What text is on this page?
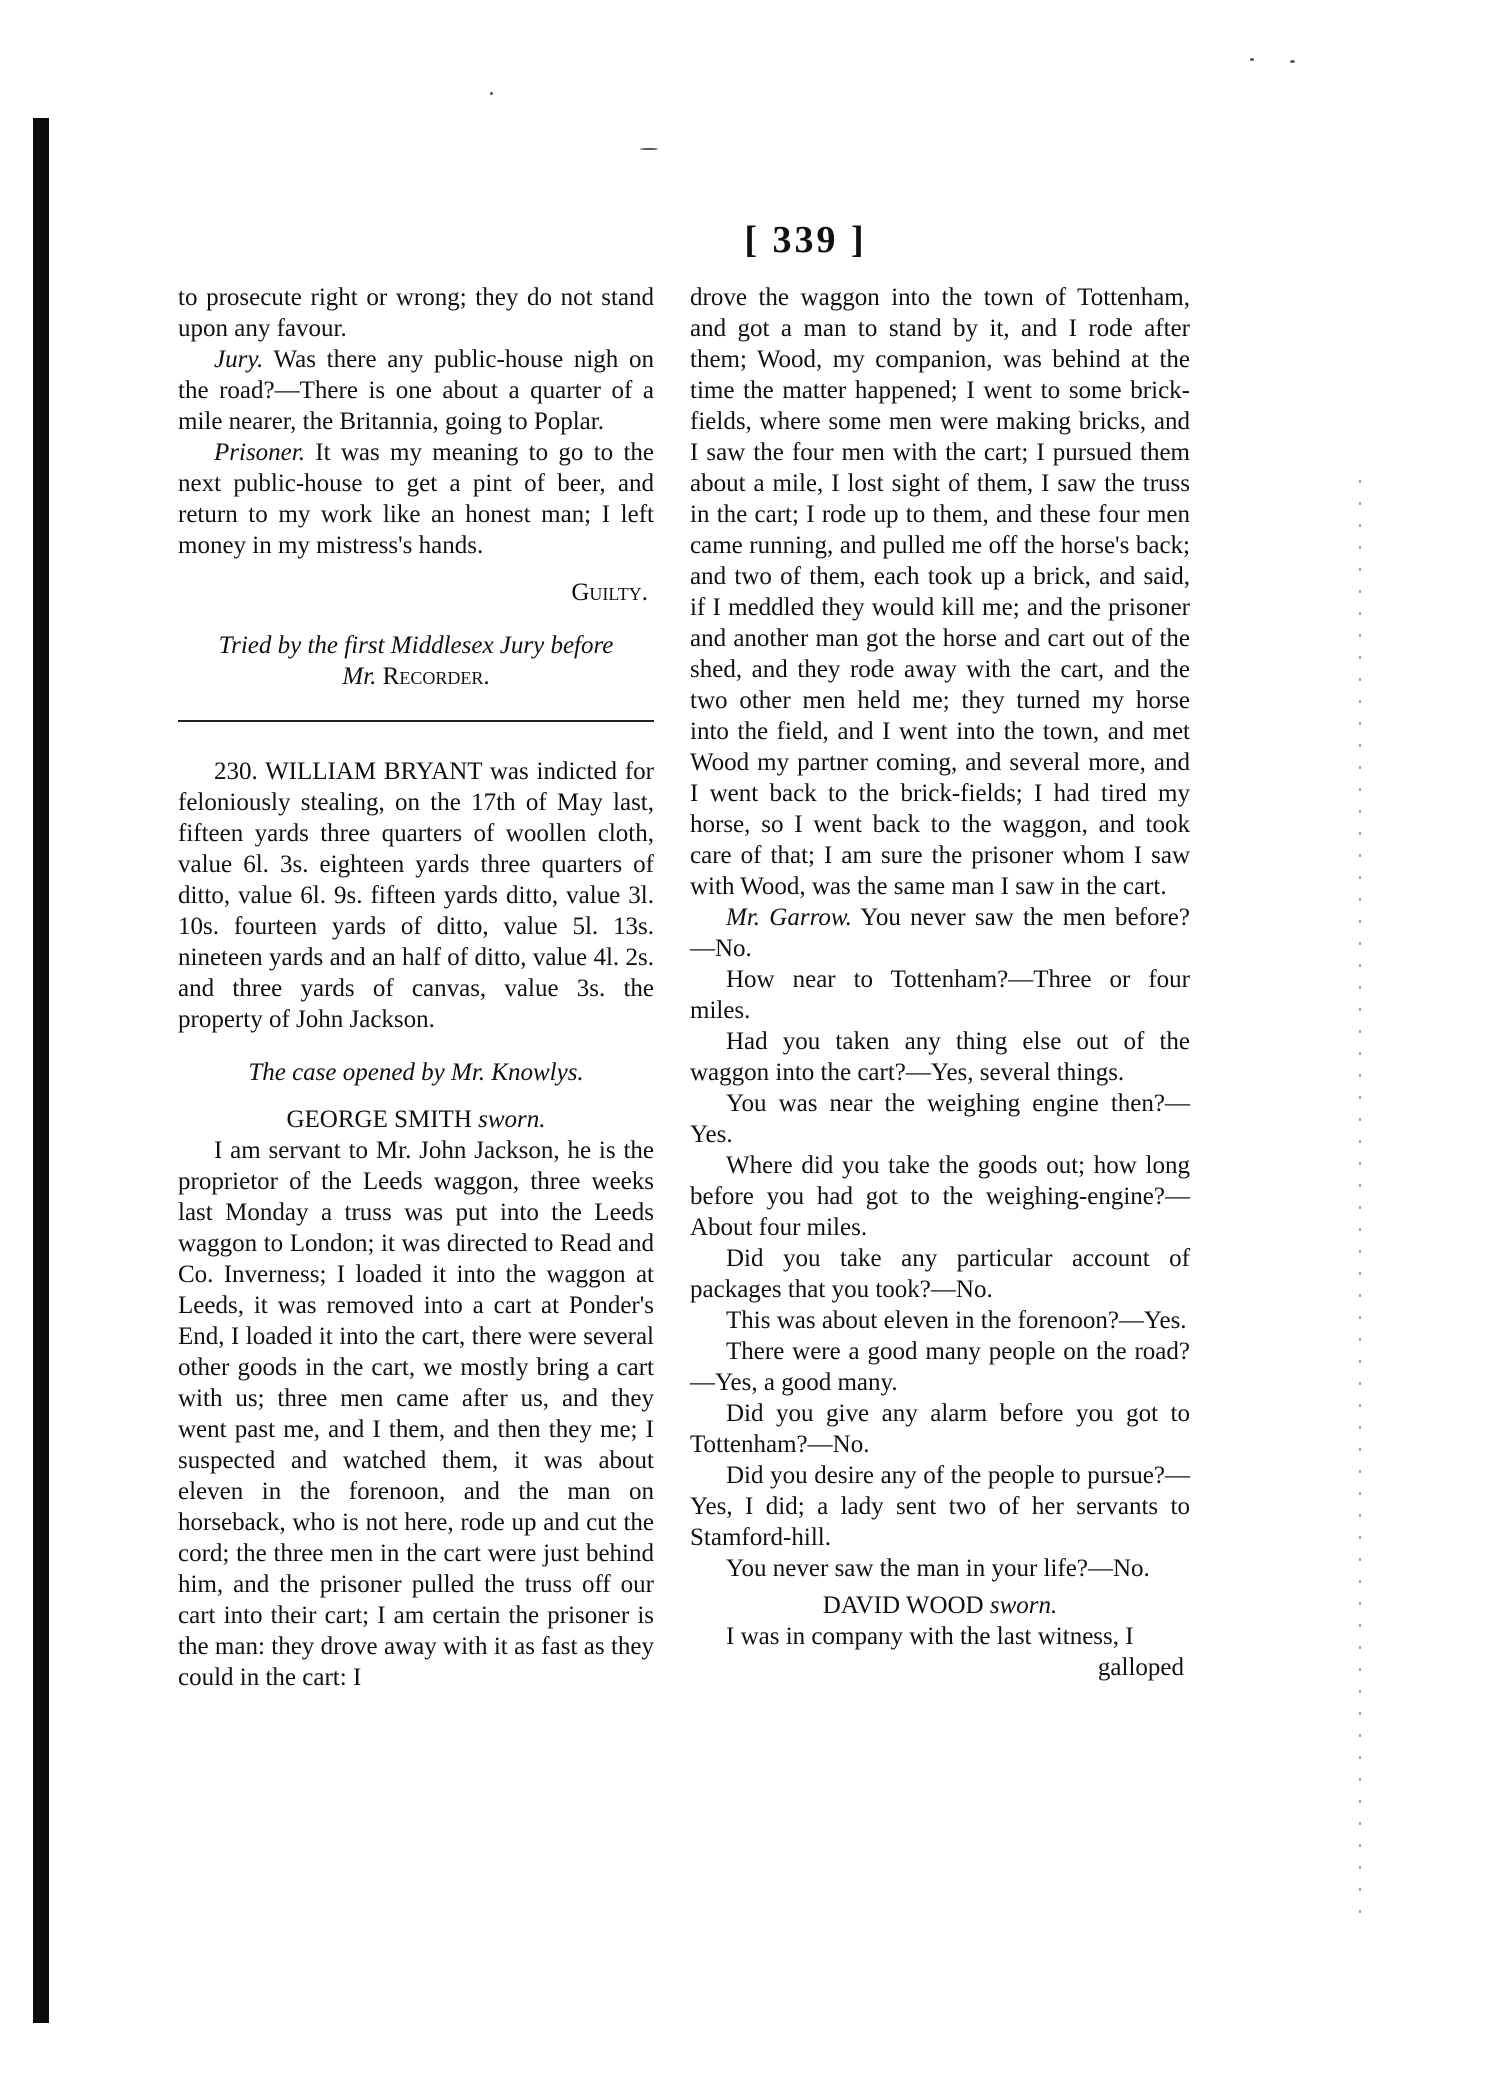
[ 339 ]

to prosecute right or wrong; they do not stand upon any favour.

Jury. Was there any public-house nigh on the road?—There is one about a quarter of a mile nearer, the Britannia, going to Poplar.

Prisoner. It was my meaning to go to the next public-house to get a pint of beer, and return to my work like an honest man; I left money in my mistress's hands.

Guilty.

Tried by the first Middlesex Jury before
Mr. Recorder.

230. WILLIAM BRYANT was indicted for feloniously stealing, on the 17th of May last, fifteen yards three quarters of woollen cloth, value 6l. 3s. eighteen yards three quarters of ditto, value 6l. 9s. fifteen yards ditto, value 3l. 10s. fourteen yards of ditto, value 5l. 13s. nineteen yards and an half of ditto, value 4l. 2s. and three yards of canvas, value 3s. the property of John Jackson.

The case opened by Mr. Knowlys.

GEORGE SMITH sworn.

I am servant to Mr. John Jackson, he is the proprietor of the Leeds waggon, three weeks last Monday a truss was put into the Leeds waggon to London; it was directed to Read and Co. Inverness; I loaded it into the waggon at Leeds, it was removed into a cart at Ponder's End, I loaded it into the cart, there were several other goods in the cart, we mostly bring a cart with us; three men came after us, and they went past me, and I them, and then they me; I suspected and watched them, it was about eleven in the forenoon, and the man on horseback, who is not here, rode up and cut the cord; the three men in the cart were just behind him, and the prisoner pulled the truss off our cart into their cart; I am certain the prisoner is the man: they drove away with it as fast as they could in the cart: I

drove the waggon into the town of Tottenham, and got a man to stand by it, and I rode after them; Wood, my companion, was behind at the time the matter happened; I went to some brick-fields, where some men were making bricks, and I saw the four men with the cart; I pursued them about a mile, I lost sight of them, I saw the truss in the cart; I rode up to them, and these four men came running, and pulled me off the horse's back; and two of them, each took up a brick, and said, if I meddled they would kill me; and the prisoner and another man got the horse and cart out of the shed, and they rode away with the cart, and the two other men held me; they turned my horse into the field, and I went into the town, and met Wood my partner coming, and several more, and I went back to the brick-fields; I had tired my horse, so I went back to the waggon, and took care of that; I am sure the prisoner whom I saw with Wood, was the same man I saw in the cart.

Mr. Garrow. You never saw the men before?—No.

How near to Tottenham?—Three or four miles.

Had you taken any thing else out of the waggon into the cart?—Yes, several things.

You was near the weighing engine then?—Yes.

Where did you take the goods out; how long before you had got to the weighing-engine?—About four miles.

Did you take any particular account of packages that you took?—No.

This was about eleven in the forenoon?—Yes.

There were a good many people on the road?—Yes, a good many.

Did you give any alarm before you got to Tottenham?—No.

Did you desire any of the people to pursue?—Yes, I did; a lady sent two of her servants to Stamford-hill.

You never saw the man in your life?—No.

DAVID WOOD sworn.

I was in company with the last witness, I

galloped
